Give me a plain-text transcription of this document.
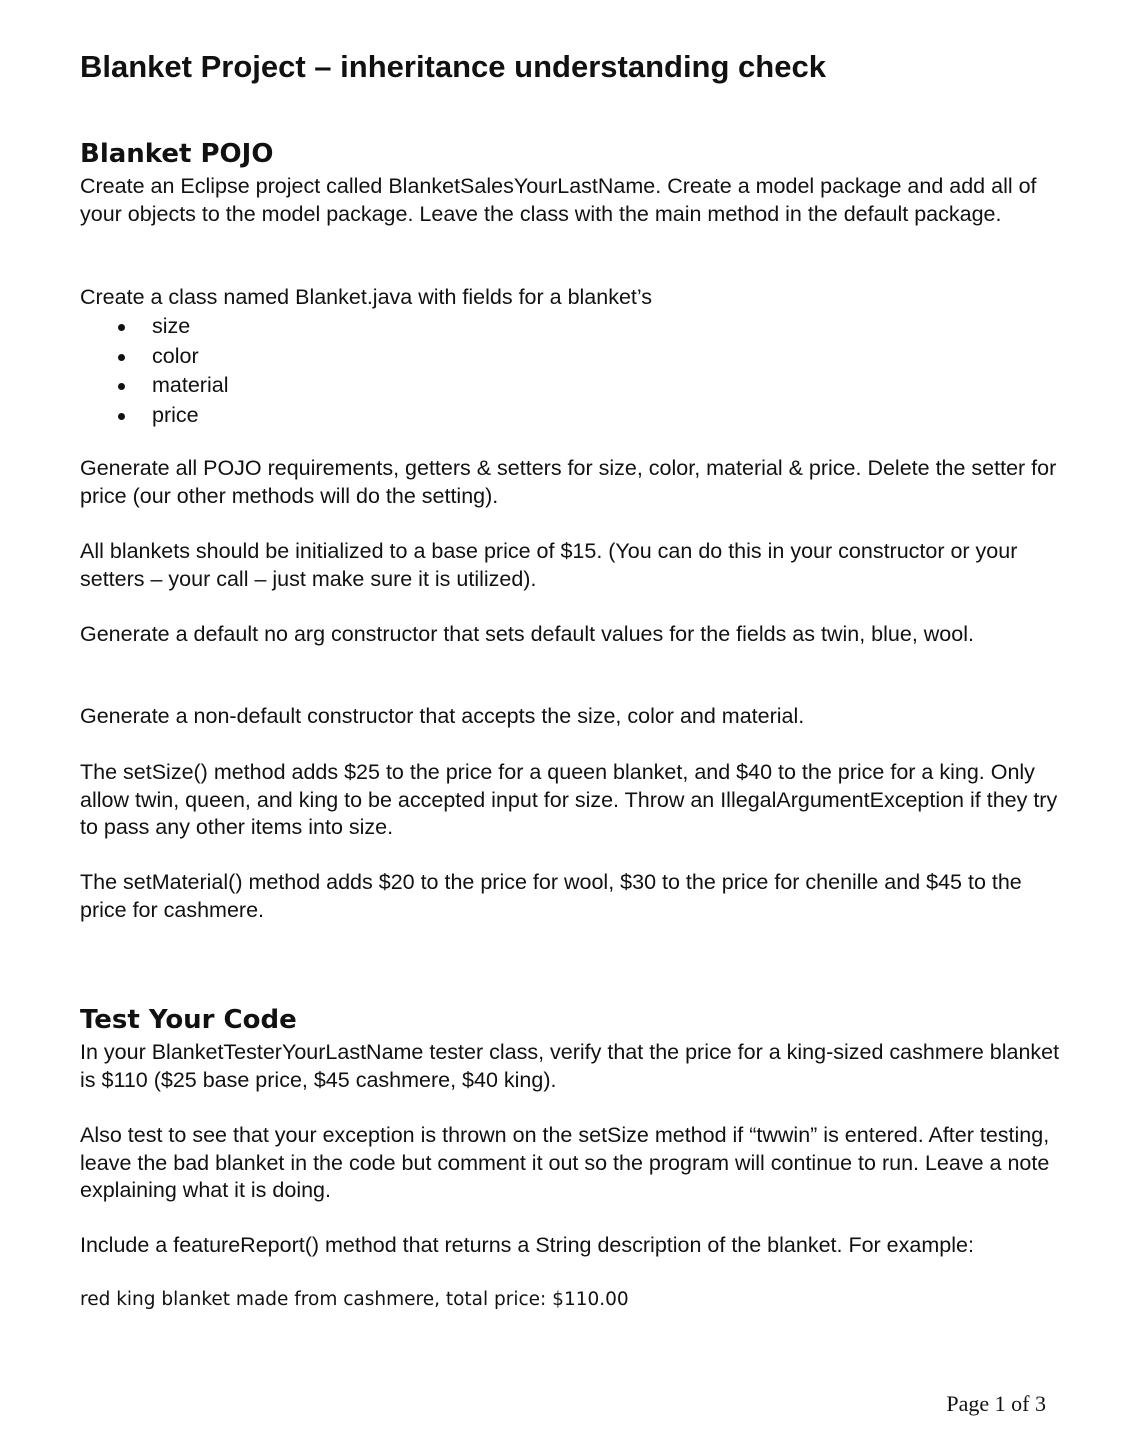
Blanket Project – inheritance understanding check
Blanket POJO

Create an Eclipse project called BlanketSalesYourLastName. Create a model package and add all of your objects to the model package. Leave the class with the main method in the default package.

Create a class named Blanket.java with fields for a blanket’s

size
color
material
price

Generate all POJO requirements, getters & setters for size, color, material & price. Delete the setter for price (our other methods will do the setting).

All blankets should be initialized to a base price of $15. (You can do this in your constructor or your setters – your call – just make sure it is utilized).

Generate a default no arg constructor that sets default values for the fields as twin, blue, wool.

Generate a non-default constructor that accepts the size, color and material.

The setSize() method adds $25 to the price for a queen blanket, and $40 to the price for a king. Only allow twin, queen, and king to be accepted input for size. Throw an IllegalArgumentException if they try to pass any other items into size.

The setMaterial() method adds $20 to the price for wool, $30 to the price for chenille and $45 to the price for cashmere.

Test Your Code

In your BlanketTesterYourLastName tester class, verify that the price for a king-sized cashmere blanket is $110 ($25 base price, $45 cashmere, $40 king).

Also test to see that your exception is thrown on the setSize method if “twwin” is entered. After testing, leave the bad blanket in the code but comment it out so the program will continue to run. Leave a note explaining what it is doing.

Include a featureReport() method that returns a String description of the blanket. For example:

red king blanket made from cashmere, total price: $110.00

Page 1 of 3
